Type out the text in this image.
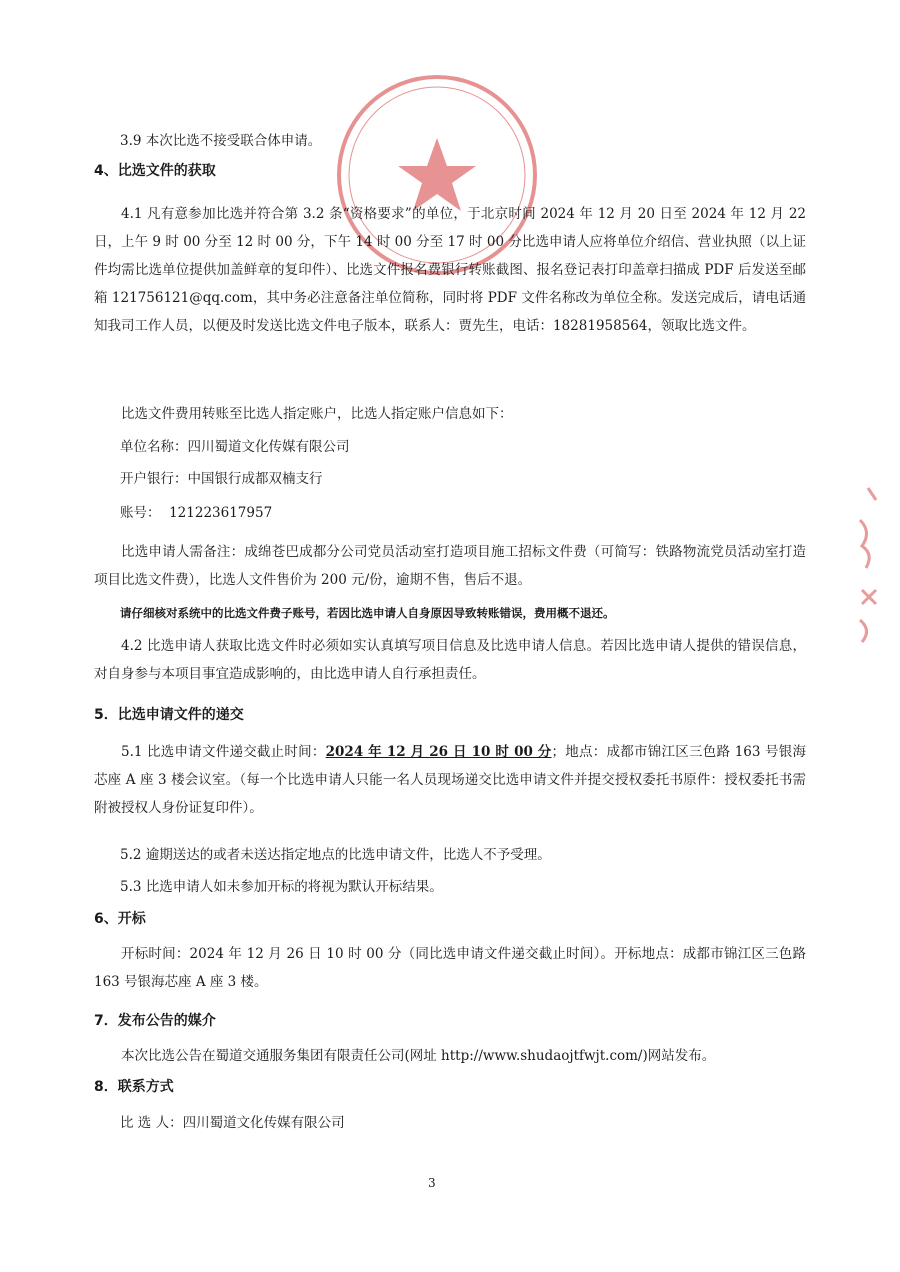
3.9 本次比选不接受联合体申请。
4、比选文件的获取

4.1 凡有意参加比选并符合第 3.2 条“资格要求”的单位，于北京时间 2024 年 12 月 20 日至 2024 年 12 月 22 日，上午 9 时 00 分至 12 时 00 分，下午 14 时 00 分至 17 时 00 分比选申请人应将单位介绍信、营业执照（以上证件均需比选单位提供加盖鲜章的复印件）、比选文件报名费银行转账截图、报名登记表打印盖章扫描成 PDF 后发送至邮箱 121756121@qq.com，其中务必注意备注单位简称，同时将 PDF 文件名称改为单位全称。发送完成后，请电话通知我司工作人员，以便及时发送比选文件电子版本，联系人：贾先生，电话：18281958564，领取比选文件。

比选文件费用转账至比选人指定账户，比选人指定账户信息如下：

单位名称：四川蜀道文化传媒有限公司
开户银行：中国银行成都双楠支行
账号： 121223617957

比选申请人需备注：成绵苍巴成都分公司党员活动室打造项目施工招标文件费（可简写：铁路物流党员活动室打造项目比选文件费），比选人文件售价为 200 元/份，逾期不售，售后不退。

请仔细核对系统中的比选文件费子账号，若因比选申请人自身原因导致转账错误，费用概不退还。

4.2 比选申请人获取比选文件时必须如实认真填写项目信息及比选申请人信息。若因比选申请人提供的错误信息，对自身参与本项目事宜造成影响的，由比选申请人自行承担责任。

5．比选申请文件的递交

5.1 比选申请文件递交截止时间：2024 年 12 月 26 日 10 时 00 分；地点：成都市锦江区三色路 163 号银海芯座 A 座 3 楼会议室。（每一个比选申请人只能一名人员现场递交比选申请文件并提交授权委托书原件：授权委托书需附被授权人身份证复印件）。

5.2 逾期送达的或者未送达指定地点的比选申请文件，比选人不予受理。
5.3 比选申请人如未参加开标的将视为默认开标结果。
6、开标

开标时间：2024 年 12 月 26 日 10 时 00 分（同比选申请文件递交截止时间）。开标地点：成都市锦江区三色路 163 号银海芯座 A 座 3 楼。

7．发布公告的媒介

本次比选公告在蜀道交通服务集团有限责任公司(网址 http://www.shudaojtfwjt.com/)网站发布。

8．联系方式
比 选 人：四川蜀道文化传媒有限公司
3
